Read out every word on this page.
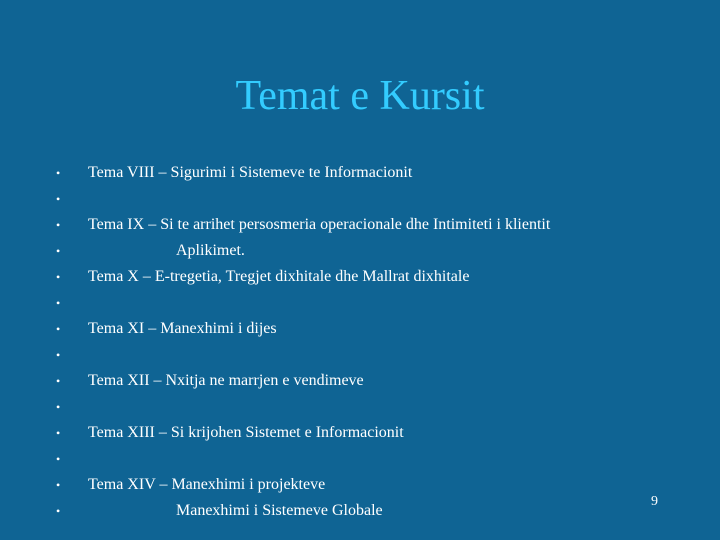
Temat e Kursit
• Tema VIII – Sigurimi i Sistemeve te Informacionit
•
• Tema IX – Si te arrihet persosmeria operacionale dhe Intimiteti i klientit
•	Aplikimet.
• Tema X – E-tregetia, Tregjet dixhitale dhe Mallrat dixhitale
•
• Tema XI – Manexhimi i dijes
•
• Tema XII – Nxitja ne marrjen e vendimeve
•
• Tema XIII – Si krijohen Sistemet e Informacionit
•
• Tema XIV – Manexhimi i projekteve
•	Manexhimi i Sistemeve Globale
9
